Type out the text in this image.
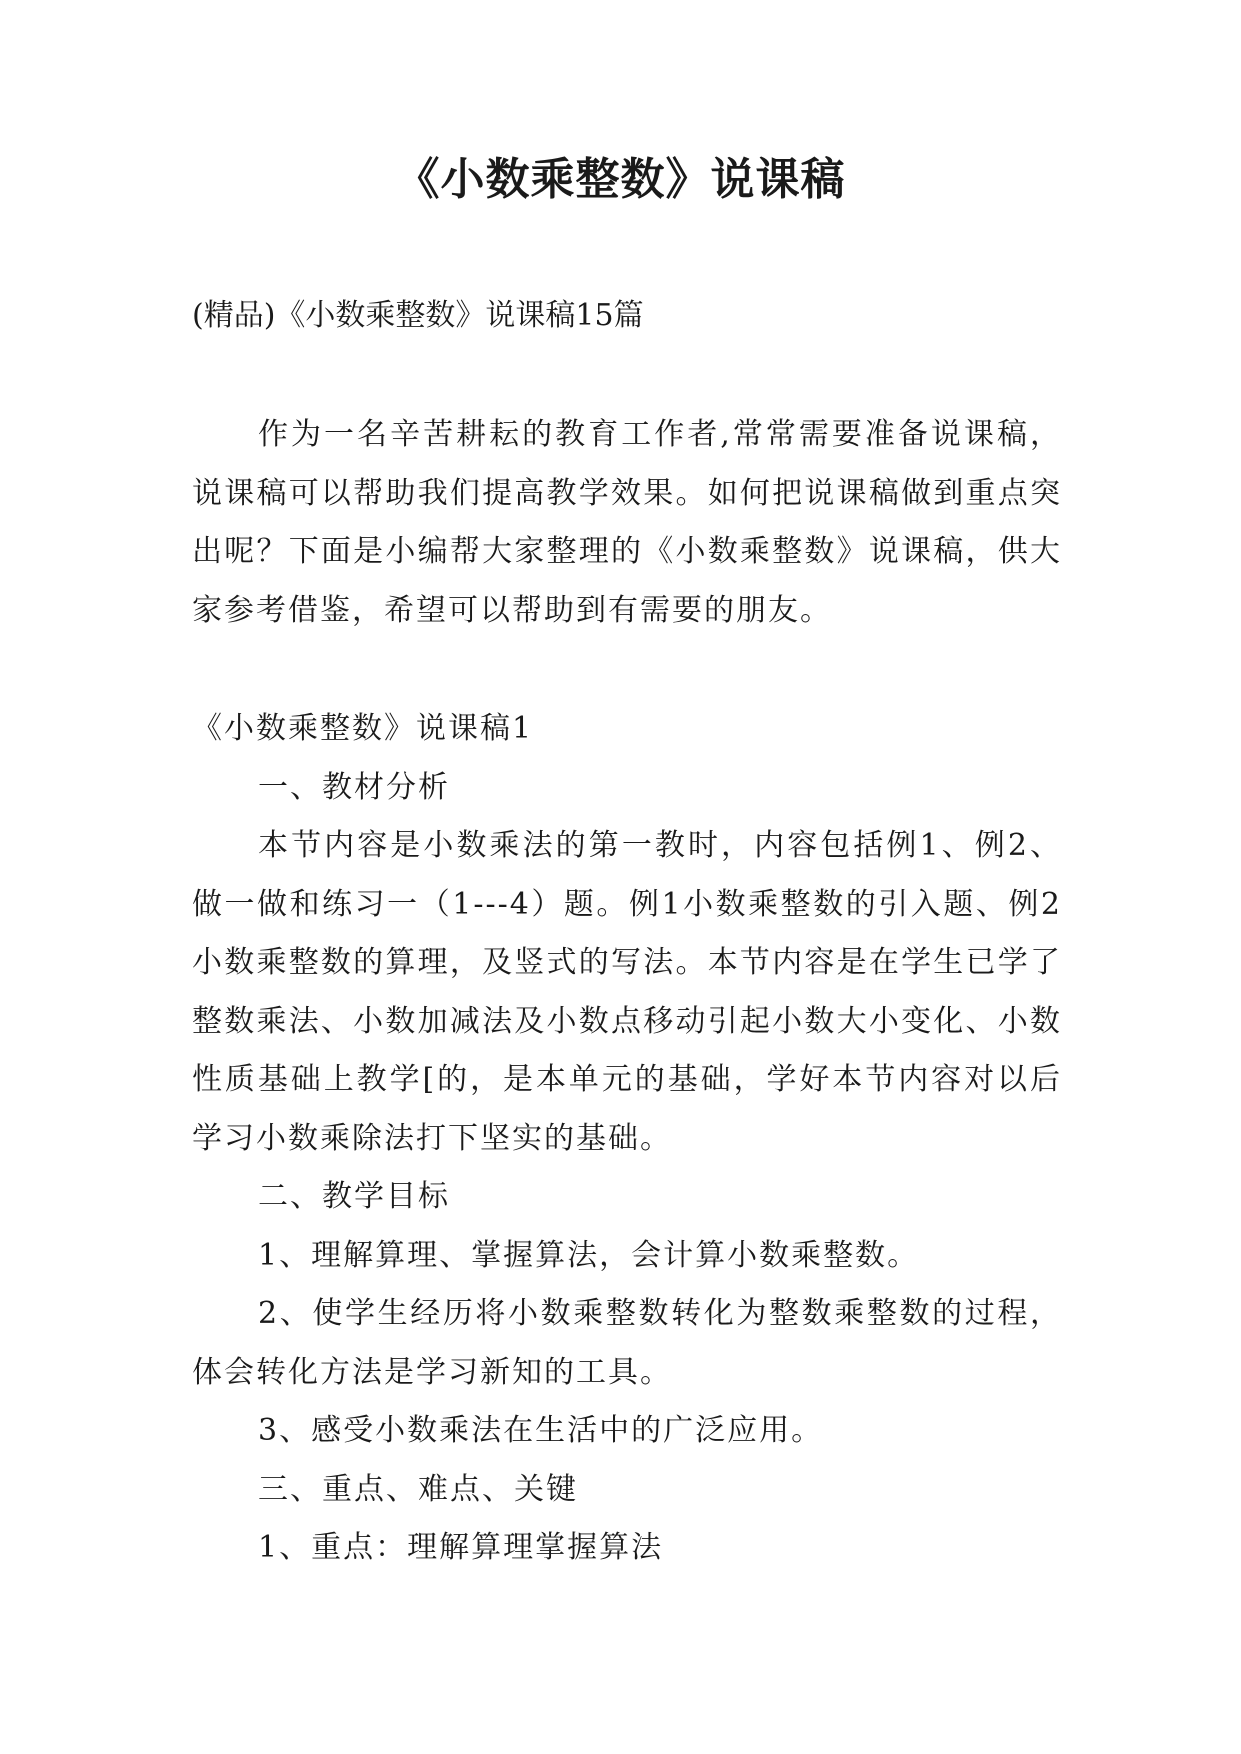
《小数乘整数》说课稿

(精品)《小数乘整数》说课稿15篇

作为一名辛苦耕耘的教育工作者,常常需要准备说课稿，说课稿可以帮助我们提高教学效果。如何把说课稿做到重点突出呢？下面是小编帮大家整理的《小数乘整数》说课稿，供大家参考借鉴，希望可以帮助到有需要的朋友。

《小数乘整数》说课稿1

一、教材分析

本节内容是小数乘法的第一教时，内容包括例1、例2、做一做和练习一（1---4）题。例1小数乘整数的引入题、例2小数乘整数的算理，及竖式的写法。本节内容是在学生已学了整数乘法、小数加减法及小数点移动引起小数大小变化、小数性质基础上教学[的，是本单元的基础，学好本节内容对以后学习小数乘除法打下坚实的基础。

二、教学目标

1、理解算理、掌握算法，会计算小数乘整数。

2、使学生经历将小数乘整数转化为整数乘整数的过程，体会转化方法是学习新知的工具。

3、感受小数乘法在生活中的广泛应用。

三、重点、难点、关键

1、重点：理解算理掌握算法
